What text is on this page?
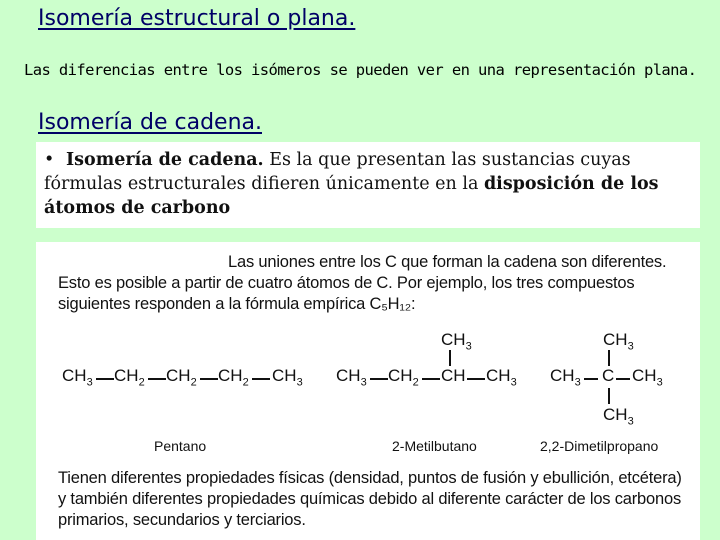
Isomería estructural o plana.
Las diferencias entre los isómeros se pueden ver en una representación plana.
Isomería de cadena.
• Isomería de cadena. Es la que presentan las sustancias cuyas fórmulas estructurales difieren únicamente en la disposición de los átomos de carbono
Las uniones entre los C que forman la cadena son diferentes. Esto es posible a partir de cuatro átomos de C. Por ejemplo, los tres compuestos siguientes responden a la fórmula empírica C₅H₁₂:
$CH_3$ $CH_2$ $CH_2$ $CH_2$ $CH_3$
$CH_3$
$CH_3$ $CH_2$ CH $CH_3$
$CH_3$
$CH_3$ C $CH_3$
$CH_3$
Pentano	2-Metilbutano	2,2-Dimetilpropano
Tienen diferentes propiedades físicas (densidad, puntos de fusión y ebullición, etcétera) y también diferentes propiedades químicas debido al diferente carácter de los carbonos primarios, secundarios y terciarios.
